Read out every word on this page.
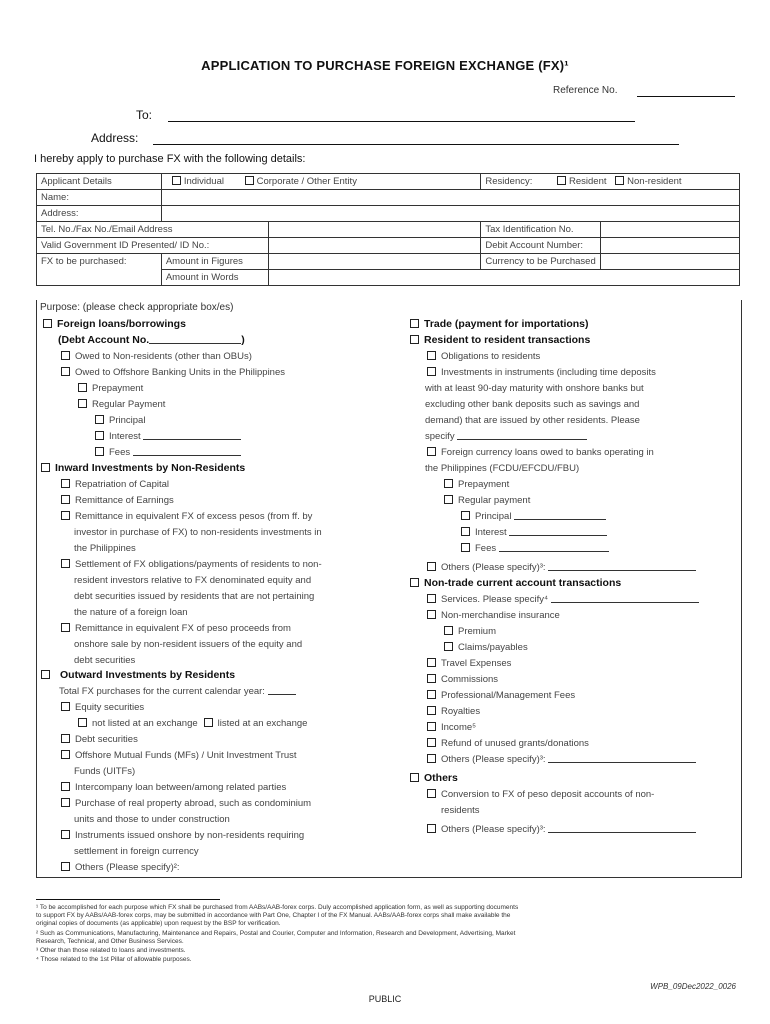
APPLICATION TO PURCHASE FOREIGN EXCHANGE (FX)¹
Reference No.
To:
Address:
I hereby apply to purchase FX with the following details:
Applicant Details	Individual Corporate / Other Entity		Residency: Resident Non-resident	
Name:				
Address:				
Tel. No./Fax No./Email Address			Tax Identification No.	
Valid Government ID Presented/ ID No.:			Debit Account Number:	
FX to be purchased:	Amount in Figures		Currency to be Purchased	
	Amount in Words			
Purpose: (please check appropriate box/es)
Foreign loans/borrowings
(Debt Account No.	)
Owed to Non-residents (other than OBUs)
Owed to Offshore Banking Units in the Philippines
Prepayment
Regular Payment
Principal
Interest
Fees
Inward Investments by Non-Residents
Repatriation of Capital
Remittance of Earnings
Remittance in equivalent FX of excess pesos (from ff. by
investor in purchase of FX) to non-residents investments in
the Philippines
Settlement of FX obligations/payments of residents to non-
resident investors relative to FX denominated equity and
debt securities issued by residents that are not pertaining
the nature of a foreign loan
Remittance in equivalent FX of peso proceeds from
onshore sale by non-resident issuers of the equity and
debt securities
Outward Investments by Residents
Total FX purchases for the current calendar year:
Equity securities
not listed at an exchange listed at an exchange
Debt securities
Offshore Mutual Funds (MFs) / Unit Investment Trust
Funds (UITFs)
Intercompany loan between/among related parties
Purchase of real property abroad, such as condominium
units and those to under construction
Instruments issued onshore by non-residents requiring
settlement in foreign currency
Others (Please specify)²:
Trade (payment for importations)
Resident to resident transactions
Obligations to residents
Investments in instruments (including time deposits
with at least 90-day maturity with onshore banks but
excluding other bank deposits such as savings and
demand) that are issued by other residents. Please
specify
Foreign currency loans owed to banks operating in
the Philippines (FCDU/EFCDU/FBU)
Prepayment
Regular payment
Principal
Interest
Fees
Others (Please specify)³:
Non-trade current account transactions
Services. Please specify⁴
Non-merchandise insurance
Premium
Claims/payables
Travel Expenses
Commissions
Professional/Management Fees
Royalties
Income⁵
Refund of unused grants/donations
Others (Please specify)³:
Others
Conversion to FX of peso deposit accounts of non-
residents
Others (Please specify)³:
¹ To be accomplished for each purpose which FX shall be purchased from AABs/AAB-forex corps. Duly accomplished application form, as well as supporting documents
to support FX by AABs/AAB-forex corps, may be submitted in accordance with Part One, Chapter I of the FX Manual. AABs/AAB-forex corps shall make available the
original copies of documents (as applicable) upon request by the BSP for verification.
² Such as Communications, Manufacturing, Maintenance and Repairs, Postal and Courier, Computer and Information, Research and Development, Advertising, Market
Research, Technical, and Other Business Services.
³ Other than those related to loans and investments.
⁴ Those related to the 1st Pillar of allowable purposes.
WPB_09Dec2022_0026
PUBLIC
